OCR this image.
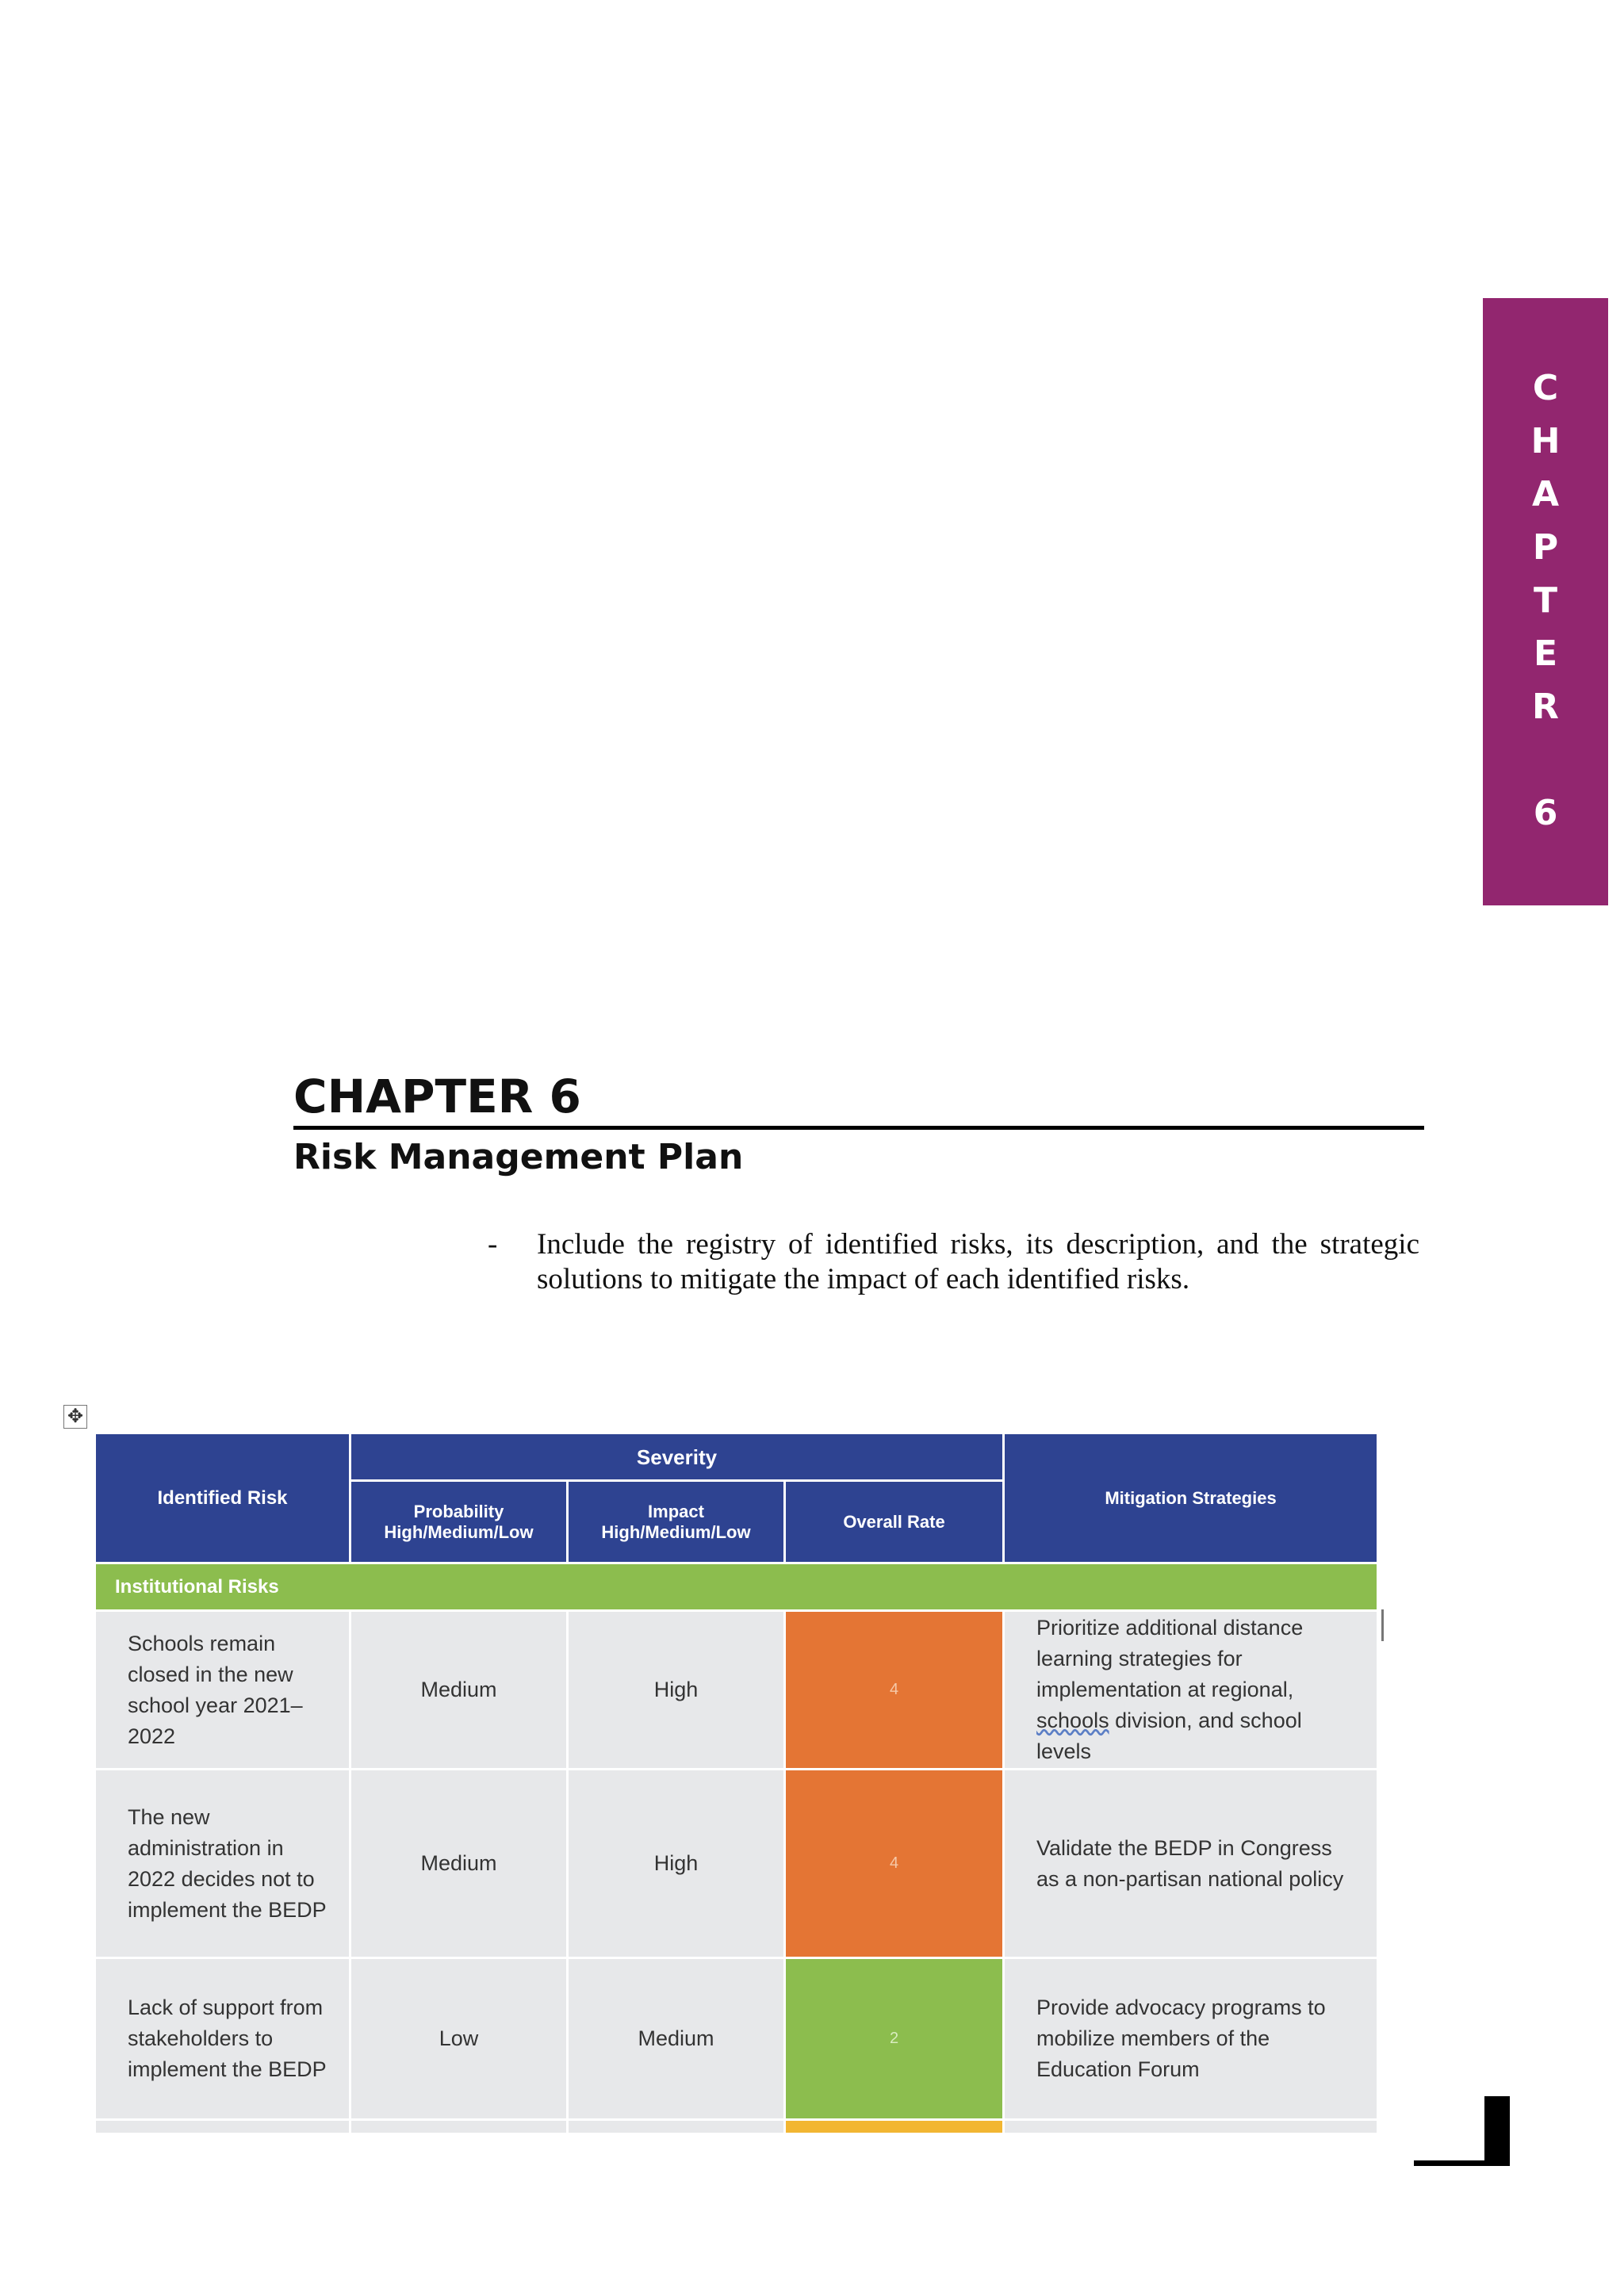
C
H
A
P
T
E
R
6
CHAPTER 6
Risk Management Plan
-	Include the registry of identified risks, its description, and the strategic solutions to mitigate the impact of each identified risks.
✥
Identified Risk	Severity			Mitigation Strategies
	Probability High/Medium/Low	Impact High/Medium/Low	Overall Rate	
Institutional Risks				
Schools remain closed in the new school year 2021–2022	Medium	High	4	Prioritize additional distance learning strategies for implementation at regional, schools division, and school levels
The new administration in 2022 decides not to implement the BEDP	Medium	High	4	Validate the BEDP in Congress as a non-partisan national policy
Lack of support from stakeholders to implement the BEDP	Low	Medium	2	Provide advocacy programs to mobilize members of the Education Forum
